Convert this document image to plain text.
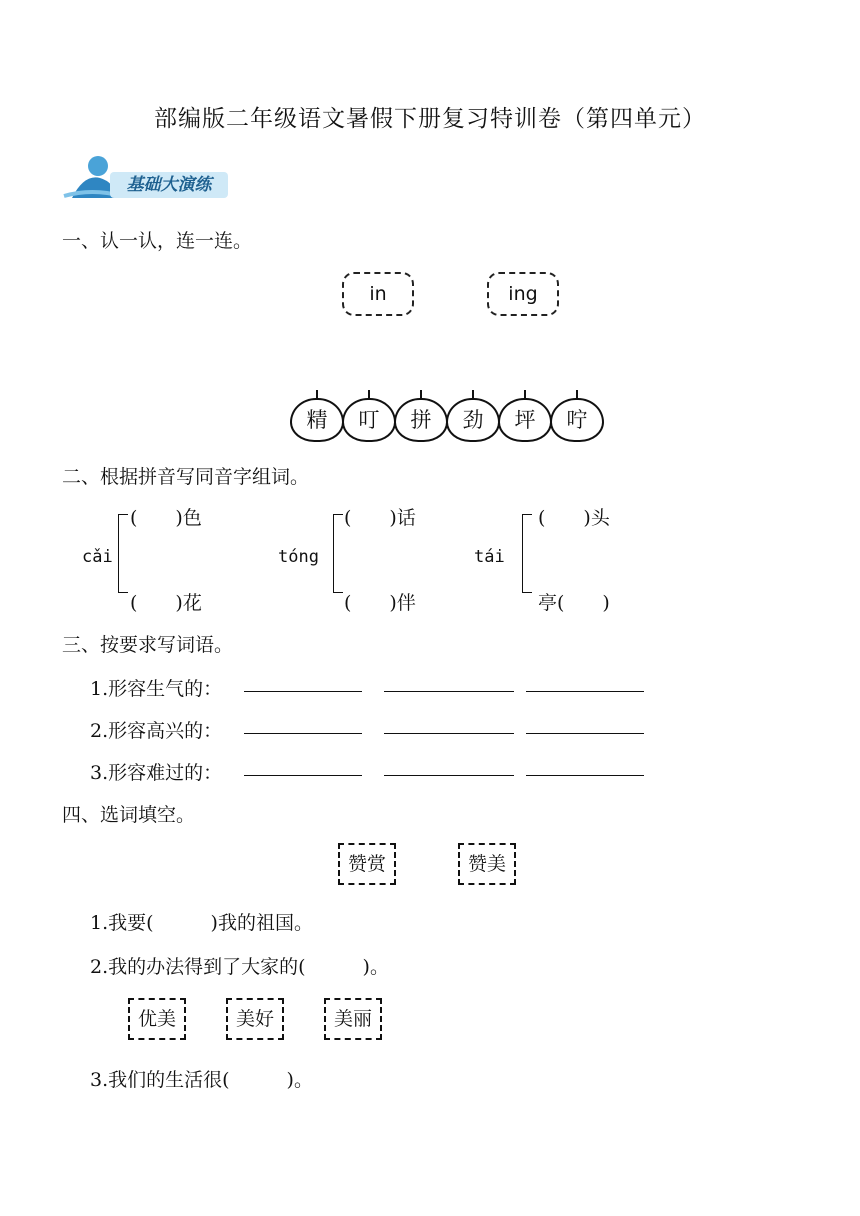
部编版二年级语文暑假下册复习特训卷（第四单元）
基础大演练
一、认一认，连一连。
in	ing
精	叮	拼	劲	坪	咛
二、根据拼音写同音字组词。
cǎi
(　　)色
(　　)花
tóng
(　　)话
(　　)伴
tái
(　　)头
亭(　　)
三、按要求写词语。
1.形容生气的：
2.形容高兴的：
3.形容难过的：
四、选词填空。
赞赏	赞美
1.我要(　　　)我的祖国。
2.我的办法得到了大家的(　　　)。
优美	美好	美丽
3.我们的生活很(　　　)。
